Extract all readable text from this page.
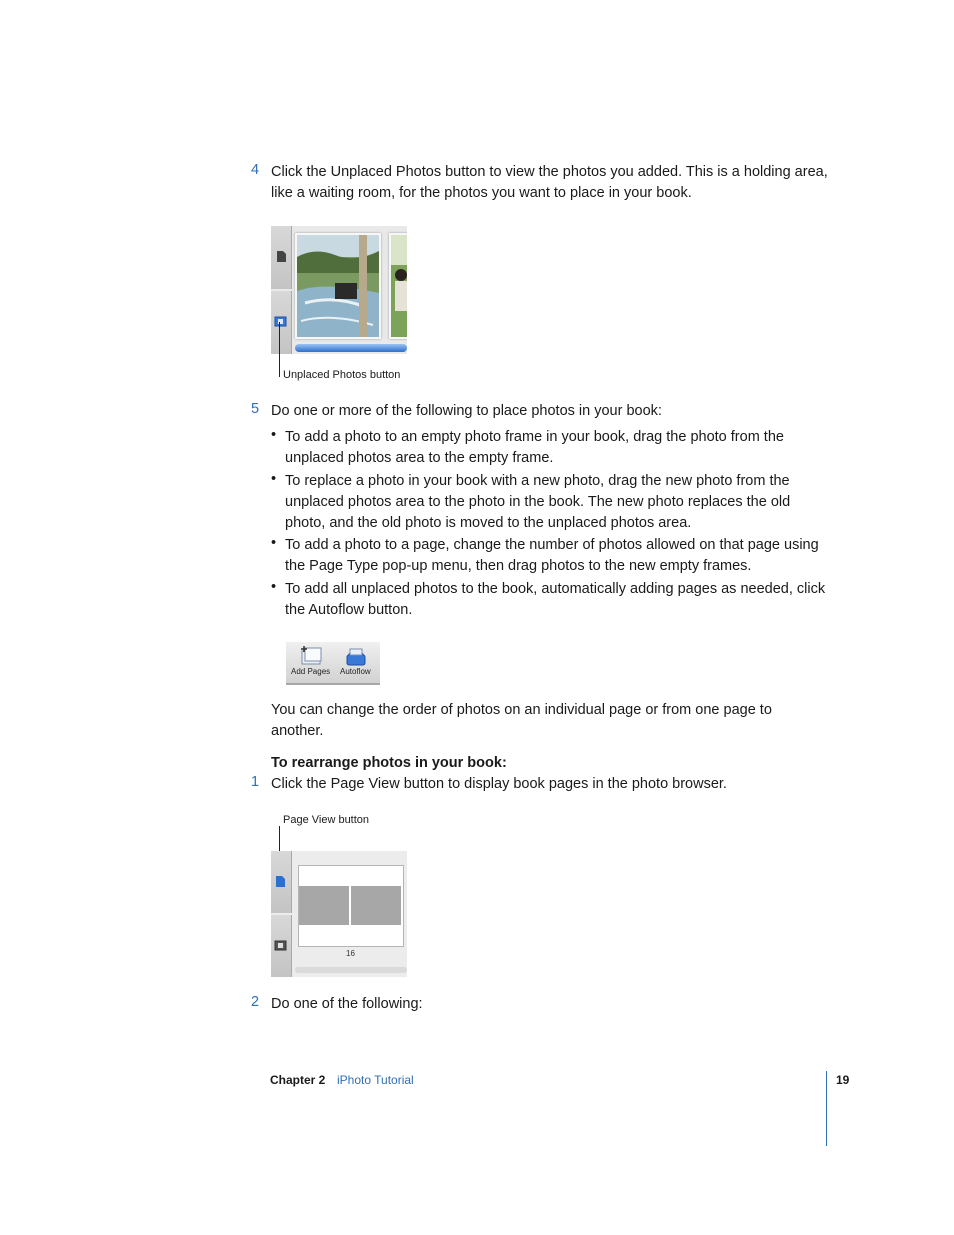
4 Click the Unplaced Photos button to view the photos you added. This is a holding area,
like a waiting room, for the photos you want to place in your book.
Unplaced Photos button
5 Do one or more of the following to place photos in your book:
• To add a photo to an empty photo frame in your book, drag the photo from the
unplaced photos area to the empty frame.
• To replace a photo in your book with a new photo, drag the new photo from the
unplaced photos area to the photo in the book. The new photo replaces the old
photo, and the old photo is moved to the unplaced photos area.
• To add a photo to a page, change the number of photos allowed on that page using
the Page Type pop-up menu, then drag photos to the new empty frames.
• To add all unplaced photos to the book, automatically adding pages as needed, click
the Autoflow button.
Add Pages Autoflow
You can change the order of photos on an individual page or from one page to
another.
To rearrange photos in your book:
1 Click the Page View button to display book pages in the photo browser.
Page View button
16
2 Do one of the following:
Chapter 2 iPhoto Tutorial	19
